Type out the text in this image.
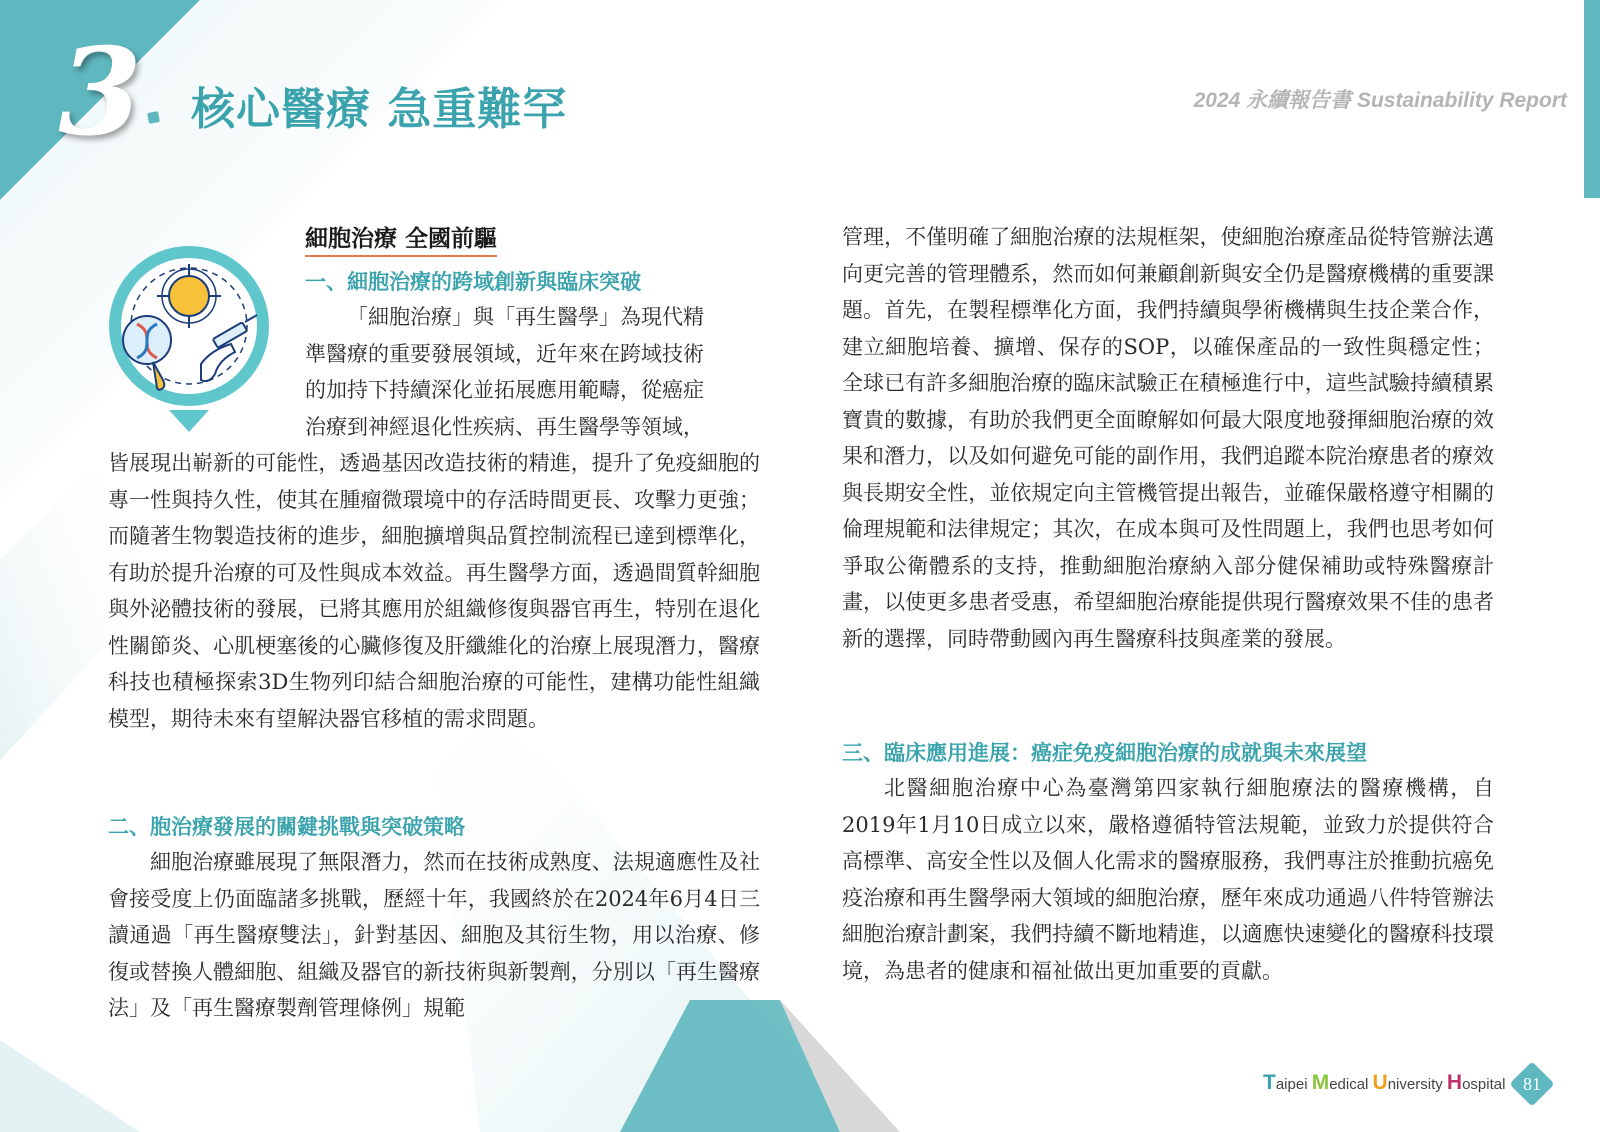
3	核心醫療 急重難罕	2024 永續報告書 Sustainability Report
細胞治療 全國前驅
一、細胞治療的跨域創新與臨床突破

「細胞治療」與「再生醫學」為現代精

準醫療的重要發展領域，近年來在跨域技術

的加持下持續深化並拓展應用範疇，從癌症

治療到神經退化性疾病、再生醫學等領域，

皆展現出嶄新的可能性，透過基因改造技術的精進，提升了免疫細胞的專一性與持久性，使其在腫瘤微環境中的存活時間更長、攻擊力更強；而隨著生物製造技術的進步，細胞擴增與品質控制流程已達到標準化，有助於提升治療的可及性與成本效益。再生醫學方面，透過間質幹細胞與外泌體技術的發展，已將其應用於組織修復與器官再生，特別在退化性關節炎、心肌梗塞後的心臟修復及肝纖維化的治療上展現潛力，醫療科技也積極探索3D生物列印結合細胞治療的可能性，建構功能性組織模型，期待未來有望解決器官移植的需求問題。

二、胞治療發展的關鍵挑戰與突破策略

細胞治療雖展現了無限潛力，然而在技術成熟度、法規適應性及社會接受度上仍面臨諸多挑戰，歷經十年，我國終於在2024年6月4日三讀通過「再生醫療雙法」，針對基因、細胞及其衍生物，用以治療、修復或替換人體細胞、組織及器官的新技術與新製劑，分別以「再生醫療法」及「再生醫療製劑管理條例」規範

管理，不僅明確了細胞治療的法規框架，使細胞治療產品從特管辦法邁向更完善的管理體系，然而如何兼顧創新與安全仍是醫療機構的重要課題。首先，在製程標準化方面，我們持續與學術機構與生技企業合作，建立細胞培養、擴增、保存的SOP，以確保產品的一致性與穩定性；全球已有許多細胞治療的臨床試驗正在積極進行中，這些試驗持續積累寶貴的數據，有助於我們更全面瞭解如何最大限度地發揮細胞治療的效果和潛力，以及如何避免可能的副作用，我們追蹤本院治療患者的療效與長期安全性，並依規定向主管機管提出報告，並確保嚴格遵守相關的倫理規範和法律規定；其次，在成本與可及性問題上，我們也思考如何爭取公衛體系的支持，推動細胞治療納入部分健保補助或特殊醫療計畫，以使更多患者受惠，希望細胞治療能提供現行醫療效果不佳的患者新的選擇，同時帶動國內再生醫療科技與產業的發展。

三、臨床應用進展：癌症免疫細胞治療的成就與未來展望

北醫細胞治療中心為臺灣第四家執行細胞療法的醫療機構，自2019年1月10日成立以來，嚴格遵循特管法規範，並致力於提供符合高標準、高安全性以及個人化需求的醫療服務，我們專注於推動抗癌免疫治療和再生醫學兩大領域的細胞治療，歷年來成功通過八件特管辦法細胞治療計劃案，我們持續不斷地精進，以適應快速變化的醫療科技環境，為患者的健康和福祉做出更加重要的貢獻。

Taipei Medical University Hospital 81
